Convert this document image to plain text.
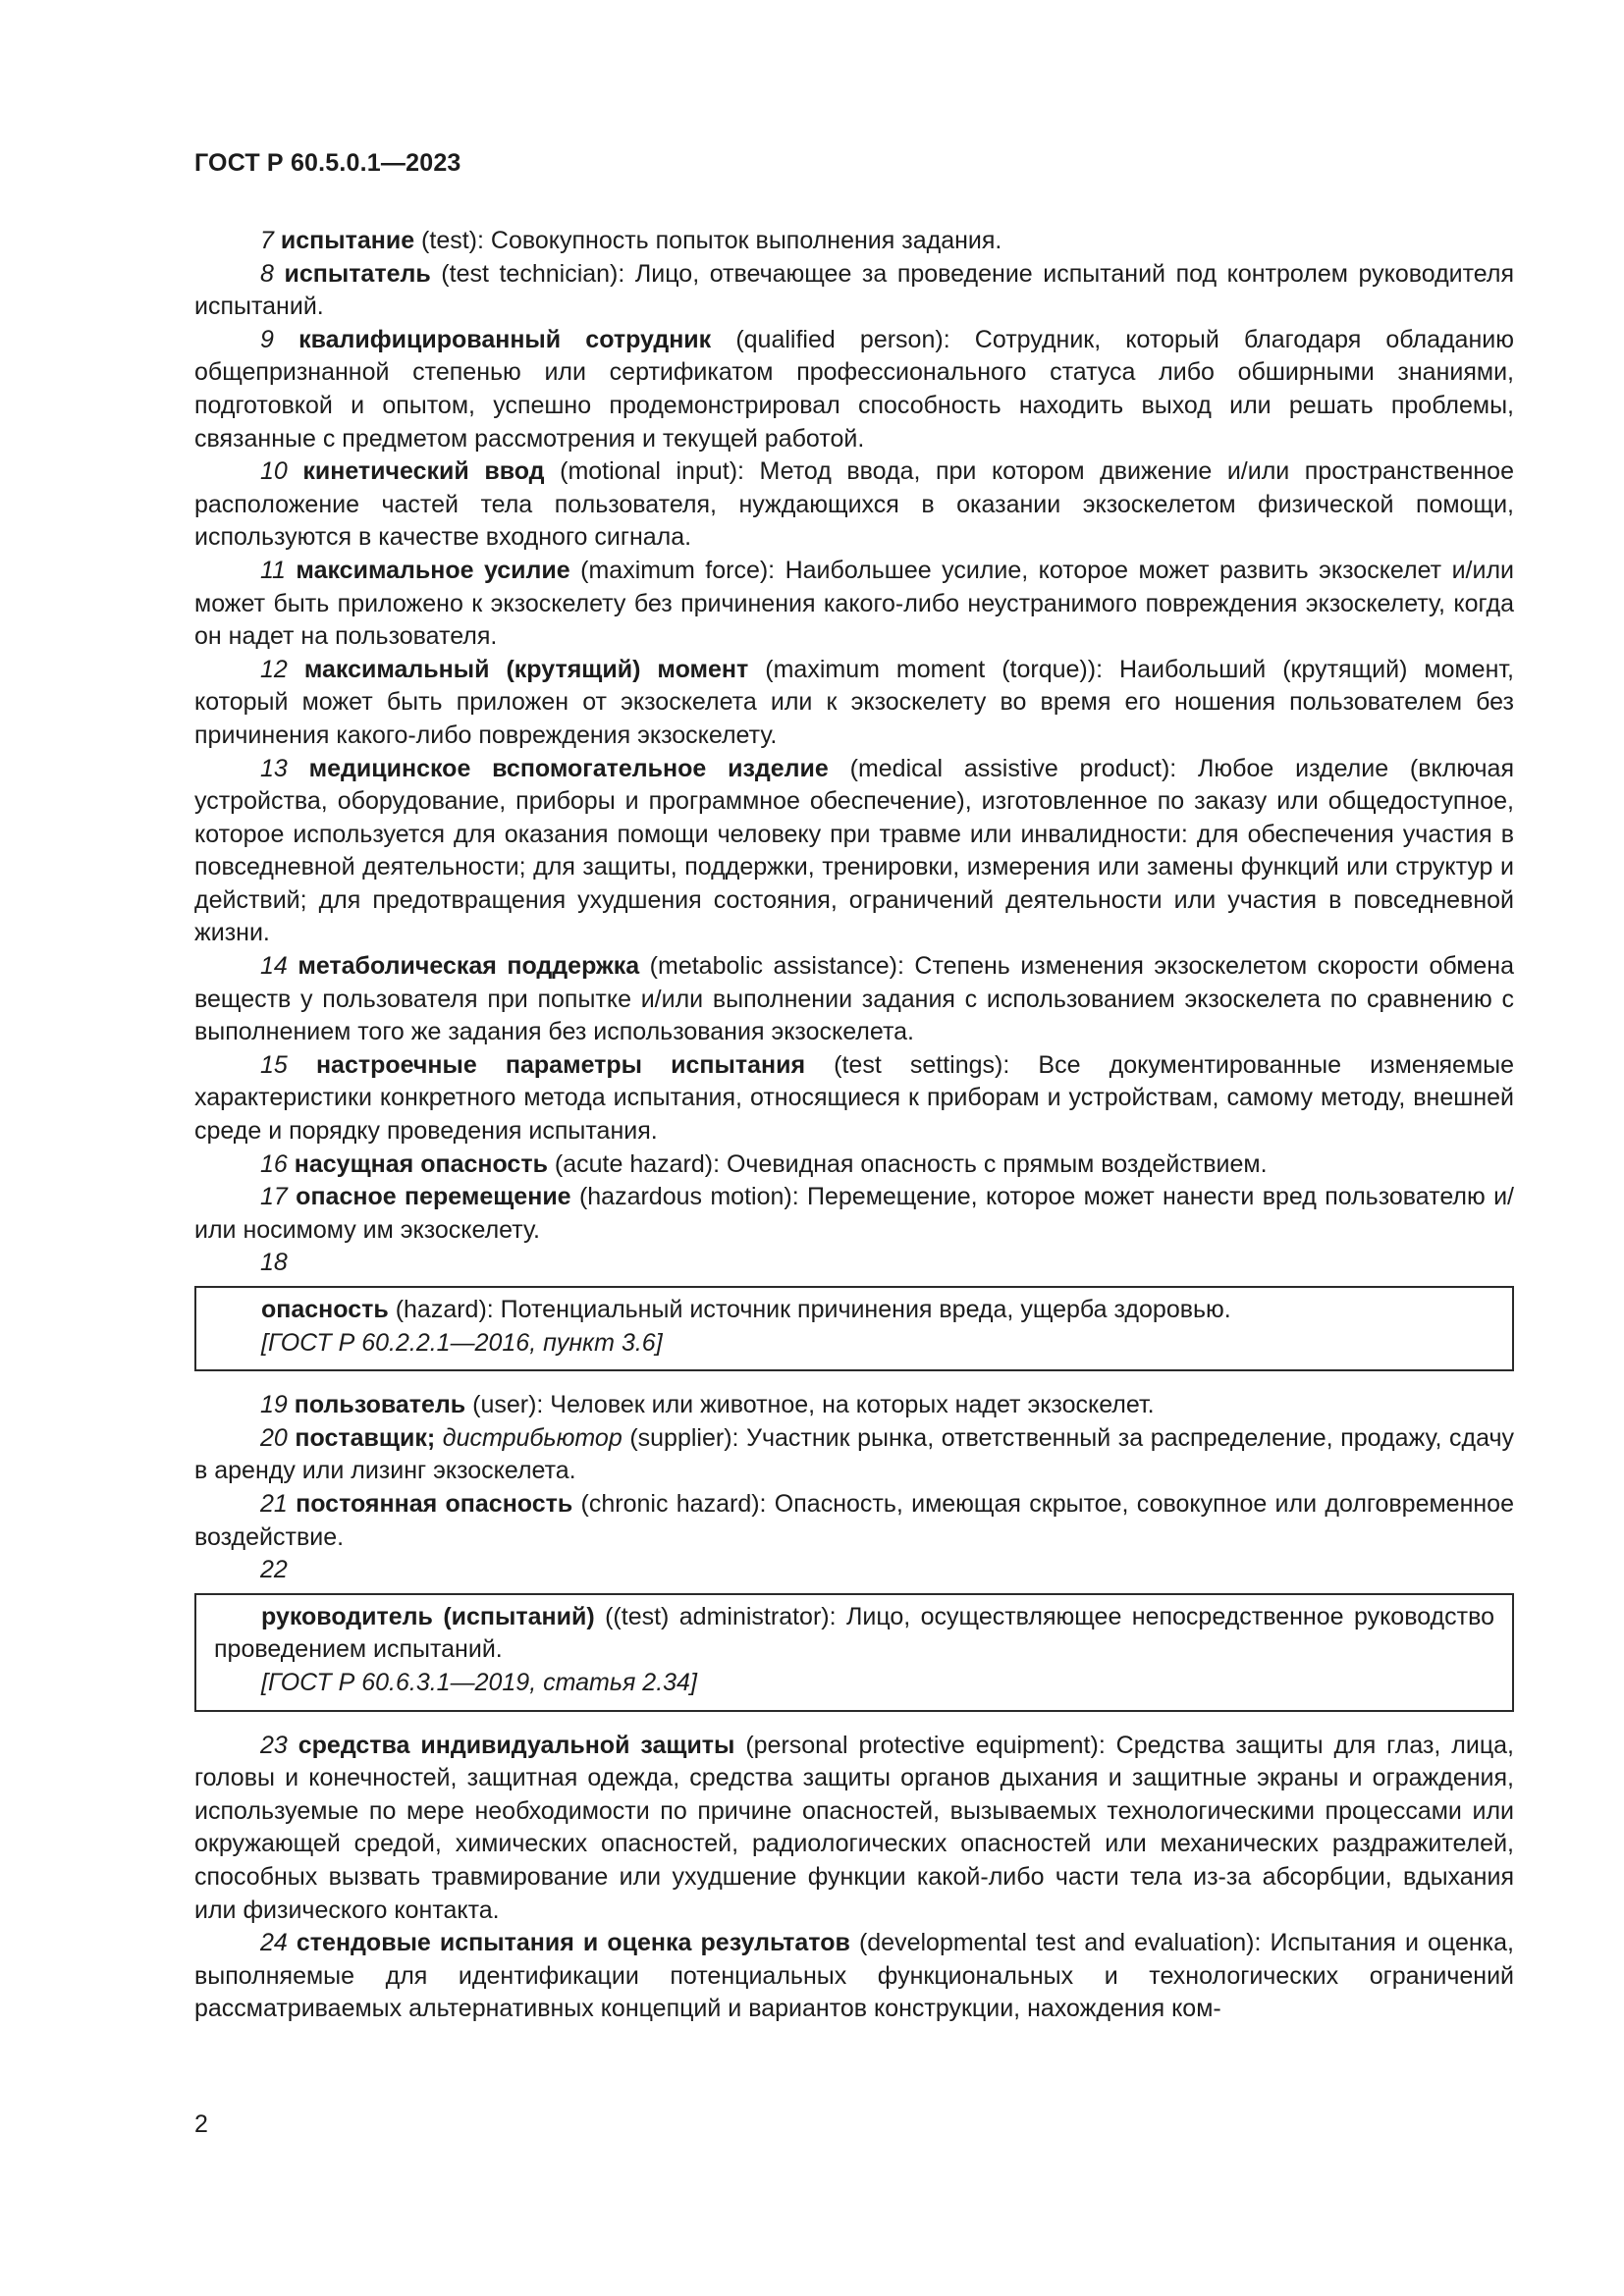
ГОСТ Р 60.5.0.1—2023

7 испытание (test): Совокупность попыток выполнения задания.

8 испытатель (test technician): Лицо, отвечающее за проведение испытаний под контролем руководителя испытаний.

9 квалифицированный сотрудник (qualified person): Сотрудник, который благодаря обладанию общепризнанной степенью или сертификатом профессионального статуса либо обширными знаниями, подготовкой и опытом, успешно продемонстрировал способность находить выход или решать проблемы, связанные с предметом рассмотрения и текущей работой.

10 кинетический ввод (motional input): Метод ввода, при котором движение и/или пространственное расположение частей тела пользователя, нуждающихся в оказании экзоскелетом физической помощи, используются в качестве входного сигнала.

11 максимальное усилие (maximum force): Наибольшее усилие, которое может развить экзоскелет и/или может быть приложено к экзоскелету без причинения какого-либо неустранимого повреждения экзоскелету, когда он надет на пользователя.

12 максимальный (крутящий) момент (maximum moment (torque)): Наибольший (крутящий) момент, который может быть приложен от экзоскелета или к экзоскелету во время его ношения пользователем без причинения какого-либо повреждения экзоскелету.

13 медицинское вспомогательное изделие (medical assistive product): Любое изделие (включая устройства, оборудование, приборы и программное обеспечение), изготовленное по заказу или общедоступное, которое используется для оказания помощи человеку при травме или инвалидности: для обеспечения участия в повседневной деятельности; для защиты, поддержки, тренировки, измерения или замены функций или структур и действий; для предотвращения ухудшения состояния, ограничений деятельности или участия в повседневной жизни.

14 метаболическая поддержка (metabolic assistance): Степень изменения экзоскелетом скорости обмена веществ у пользователя при попытке и/или выполнении задания с использованием экзоскелета по сравнению с выполнением того же задания без использования экзоскелета.

15 настроечные параметры испытания (test settings): Все документированные изменяемые характеристики конкретного метода испытания, относящиеся к приборам и устройствам, самому методу, внешней среде и порядку проведения испытания.

16 насущная опасность (acute hazard): Очевидная опасность с прямым воздействием.

17 опасное перемещение (hazardous motion): Перемещение, которое может нанести вред пользователю и/или носимому им экзоскелету.

18

опасность (hazard): Потенциальный источник причинения вреда, ущерба здоровью.

[ГОСТ Р 60.2.2.1—2016, пункт 3.6]

19 пользователь (user): Человек или животное, на которых надет экзоскелет.

20 поставщик; дистрибьютор (supplier): Участник рынка, ответственный за распределение, продажу, сдачу в аренду или лизинг экзоскелета.

21 постоянная опасность (chronic hazard): Опасность, имеющая скрытое, совокупное или долговременное воздействие.

22

руководитель (испытаний) ((test) administrator): Лицо, осуществляющее непосредственное руководство проведением испытаний.

[ГОСТ Р 60.6.3.1—2019, статья 2.34]

23 средства индивидуальной защиты (personal protective equipment): Средства защиты для глаз, лица, головы и конечностей, защитная одежда, средства защиты органов дыхания и защитные экраны и ограждения, используемые по мере необходимости по причине опасностей, вызываемых технологическими процессами или окружающей средой, химических опасностей, радиологических опасностей или механических раздражителей, способных вызвать травмирование или ухудшение функции какой-либо части тела из-за абсорбции, вдыхания или физического контакта.

24 стендовые испытания и оценка результатов (developmental test and evaluation): Испытания и оценка, выполняемые для идентификации потенциальных функциональных и технологических ограничений рассматриваемых альтернативных концепций и вариантов конструкции, нахождения ком-

2
